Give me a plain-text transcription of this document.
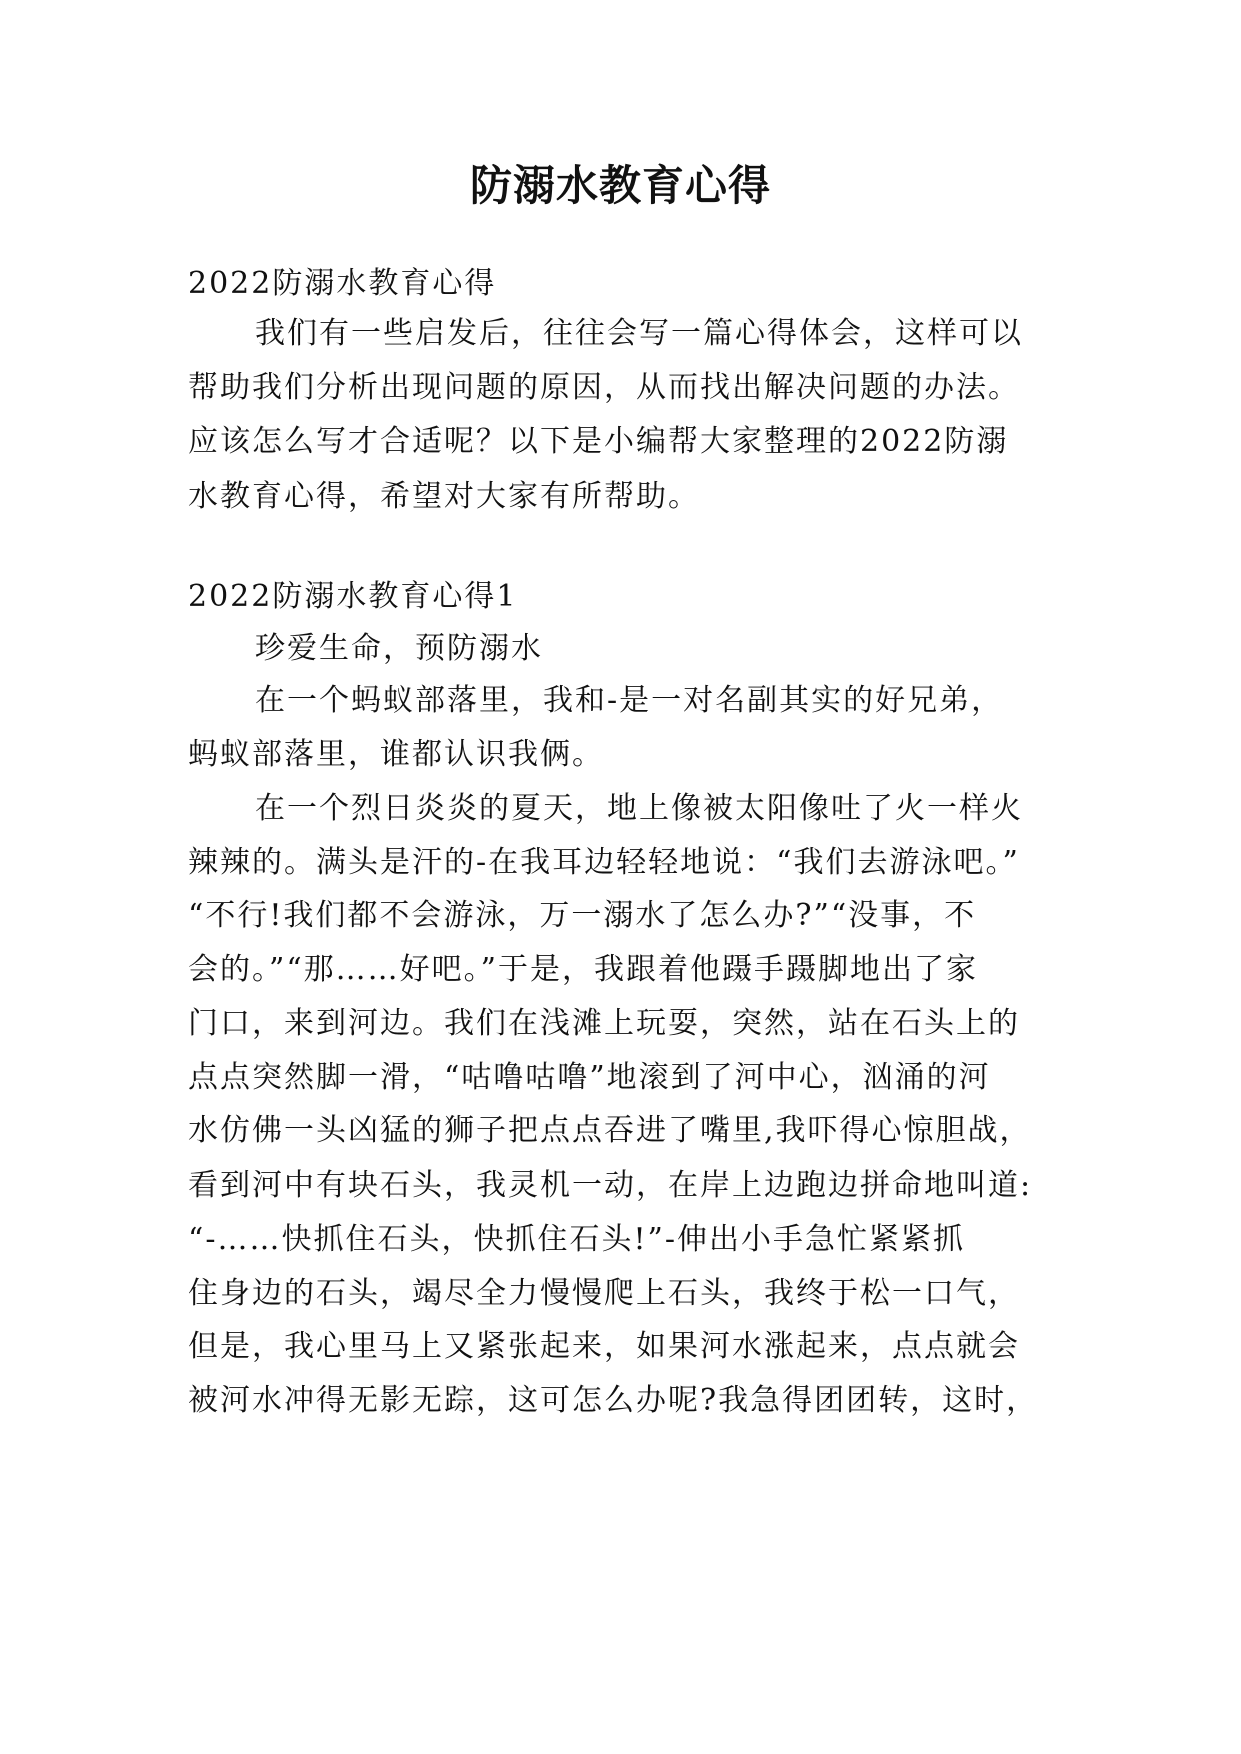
防溺水教育心得
2022防溺水教育心得
我们有一些启发后，往往会写一篇心得体会，这样可以
帮助我们分析出现问题的原因，从而找出解决问题的办法。
应该怎么写才合适呢？以下是小编帮大家整理的2022防溺
水教育心得，希望对大家有所帮助。
2022防溺水教育心得1
珍爱生命，预防溺水
在一个蚂蚁部落里，我和-是一对名副其实的好兄弟，
蚂蚁部落里，谁都认识我俩。
在一个烈日炎炎的夏天，地上像被太阳像吐了火一样火
辣辣的。满头是汗的-在我耳边轻轻地说：“我们去游泳吧。”
“不行!我们都不会游泳，万一溺水了怎么办?”“没事，不
会的。”“那……好吧。”于是，我跟着他蹑手蹑脚地出了家
门口，来到河边。我们在浅滩上玩耍，突然，站在石头上的
点点突然脚一滑，“咕噜咕噜”地滚到了河中心，汹涌的河
水仿佛一头凶猛的狮子把点点吞进了嘴里,我吓得心惊胆战，
看到河中有块石头，我灵机一动，在岸上边跑边拼命地叫道:
“-……快抓住石头，快抓住石头!”-伸出小手急忙紧紧抓
住身边的石头，竭尽全力慢慢爬上石头，我终于松一口气，
但是，我心里马上又紧张起来，如果河水涨起来，点点就会
被河水冲得无影无踪，这可怎么办呢?我急得团团转，这时，
